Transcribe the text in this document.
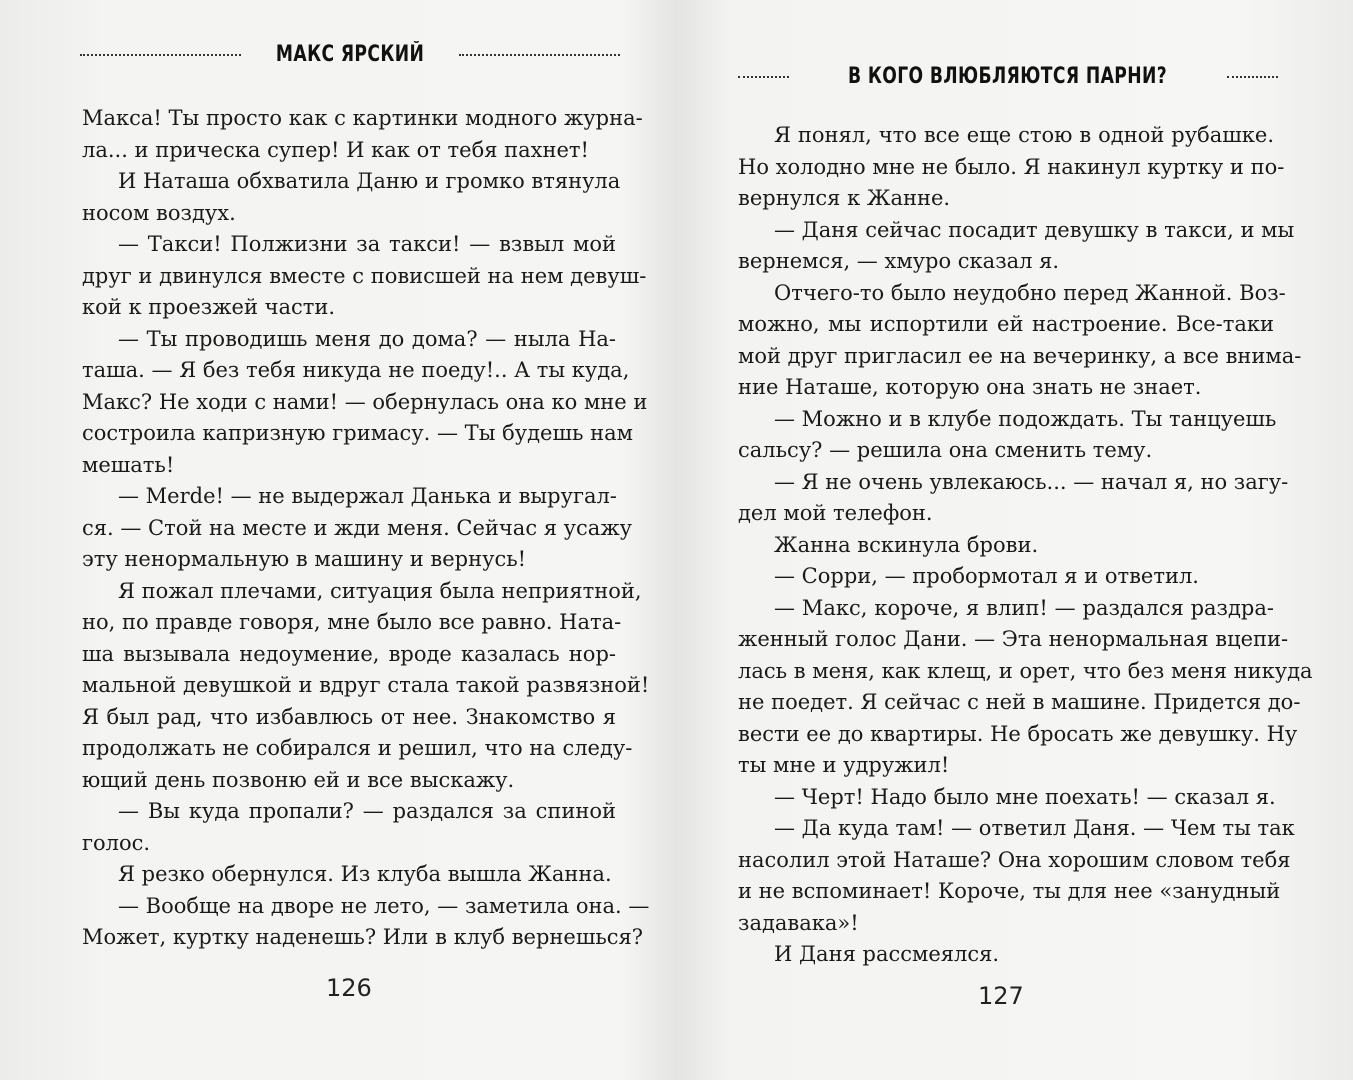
МАКС ЯРСКИЙ

Макса! Ты просто как с картинки модного журна-

ла... и прическа супер! И как от тебя пахнет!

И Наташа обхватила Даню и громко втянула

носом воздух.

— Такси! Полжизни за такси! — взвыл мой

друг и двинулся вместе с повисшей на нем девуш-

кой к проезжей части.

— Ты проводишь меня до дома? — ныла На-

таша. — Я без тебя никуда не поеду!.. А ты куда,

Макс? Не ходи с нами! — обернулась она ко мне и

состроила капризную гримасу. — Ты будешь нам

мешать!

— Merde! — не выдержал Данька и выругал-

ся. — Стой на месте и жди меня. Сейчас я усажу

эту ненормальную в машину и вернусь!

Я пожал плечами, ситуация была неприятной,

но, по правде говоря, мне было все равно. Ната-

ша вызывала недоумение, вроде казалась нор-

мальной девушкой и вдруг стала такой развязной!

Я был рад, что избавлюсь от нее. Знакомство я

продолжать не собирался и решил, что на следу-

ющий день позвоню ей и все выскажу.

— Вы куда пропали? — раздался за спиной

голос.

Я резко обернулся. Из клуба вышла Жанна.

— Вообще на дворе не лето, — заметила она. —

Может, куртку наденешь? Или в клуб вернешься?

126
В КОГО ВЛЮБЛЯЮТСЯ ПАРНИ?

Я понял, что все еще стою в одной рубашке.

Но холодно мне не было. Я накинул куртку и по-

вернулся к Жанне.

— Даня сейчас посадит девушку в такси, и мы

вернемся, — хмуро сказал я.

Отчего-то было неудобно перед Жанной. Воз-

можно, мы испортили ей настроение. Все-таки

мой друг пригласил ее на вечеринку, а все внима-

ние Наташе, которую она знать не знает.

— Можно и в клубе подождать. Ты танцуешь

сальсу? — решила она сменить тему.

— Я не очень увлекаюсь... — начал я, но загу-

дел мой телефон.

Жанна вскинула брови.

— Сорри, — пробормотал я и ответил.

— Макс, короче, я влип! — раздался раздра-

женный голос Дани. — Эта ненормальная вцепи-

лась в меня, как клещ, и орет, что без меня никуда

не поедет. Я сейчас с ней в машине. Придется до-

вести ее до квартиры. Не бросать же девушку. Ну

ты мне и удружил!

— Черт! Надо было мне поехать! — сказал я.

— Да куда там! — ответил Даня. — Чем ты так

насолил этой Наташе? Она хорошим словом тебя

и не вспоминает! Короче, ты для нее «занудный

задавака»!

И Даня рассмеялся.

127
